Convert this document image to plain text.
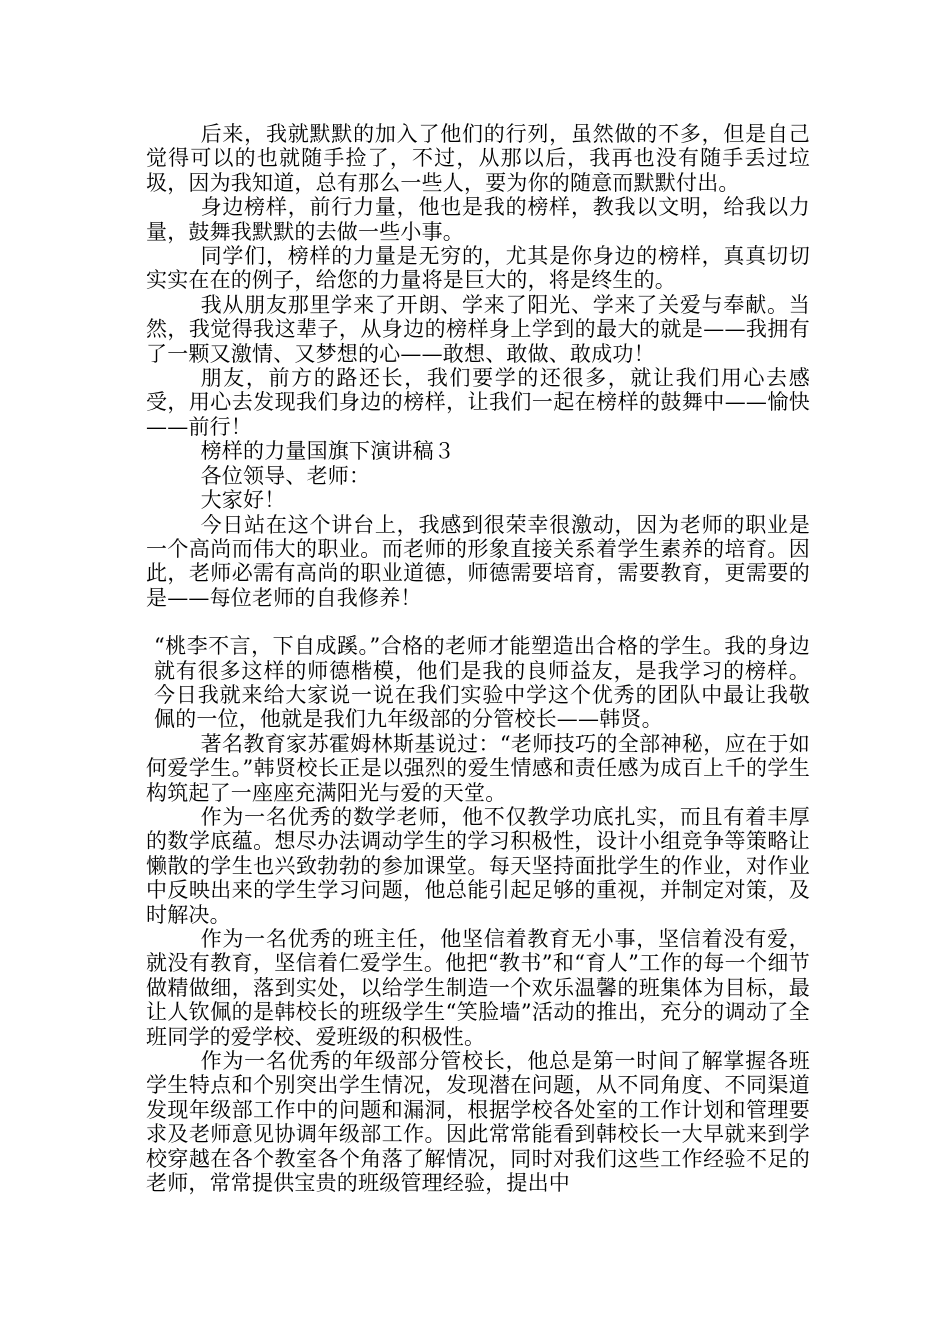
后来，我就默默的加入了他们的行列，虽然做的不多，但是自己觉得可以的也就随手捡了，不过，从那以后，我再也没有随手丢过垃圾，因为我知道，总有那么一些人，要为你的随意而默默付出。

身边榜样，前行力量，他也是我的榜样，教我以文明，给我以力量，鼓舞我默默的去做一些小事。

同学们，榜样的力量是无穷的，尤其是你身边的榜样，真真切切实实在在的例子，给您的力量将是巨大的，将是终生的。

我从朋友那里学来了开朗、学来了阳光、学来了关爱与奉献。当然，我觉得我这辈子，从身边的榜样身上学到的最大的就是——我拥有了一颗又激情、又梦想的心——敢想、敢做、敢成功！

朋友，前方的路还长，我们要学的还很多，就让我们用心去感受，用心去发现我们身边的榜样，让我们一起在榜样的鼓舞中——愉快——前行！

榜样的力量国旗下演讲稿３

各位领导、老师：

大家好！

今日站在这个讲台上，我感到很荣幸很激动，因为老师的职业是一个高尚而伟大的职业。而老师的形象直接关系着学生素养的培育。因此，老师必需有高尚的职业道德，师德需要培育，需要教育，更需要的是——每位老师的自我修养！

“桃李不言，下自成蹊。”合格的老师才能塑造出合格的学生。我的身边就有很多这样的师德楷模，他们是我的良师益友，是我学习的榜样。今日我就来给大家说一说在我们实验中学这个优秀的团队中最让我敬佩的一位，他就是我们九年级部的分管校长——韩贤。

著名教育家苏霍姆林斯基说过：“老师技巧的全部神秘，应在于如何爱学生。”韩贤校长正是以强烈的爱生情感和责任感为成百上千的学生构筑起了一座座充满阳光与爱的天堂。

作为一名优秀的数学老师，他不仅教学功底扎实，而且有着丰厚的数学底蕴。想尽办法调动学生的学习积极性，设计小组竞争等策略让懒散的学生也兴致勃勃的参加课堂。每天坚持面批学生的作业，对作业中反映出来的学生学习问题，他总能引起足够的重视，并制定对策，及时解决。

作为一名优秀的班主任，他坚信着教育无小事，坚信着没有爱，就没有教育，坚信着仁爱学生。他把“教书”和“育人”工作的每一个细节做精做细，落到实处，以给学生制造一个欢乐温馨的班集体为目标，最让人钦佩的是韩校长的班级学生“笑脸墙”活动的推出，充分的调动了全班同学的爱学校、爱班级的积极性。

作为一名优秀的年级部分管校长，他总是第一时间了解掌握各班学生特点和个别突出学生情况，发现潜在问题，从不同角度、不同渠道发现年级部工作中的问题和漏洞，根据学校各处室的工作计划和管理要求及老师意见协调年级部工作。因此常常能看到韩校长一大早就来到学校穿越在各个教室各个角落了解情况，同时对我们这些工作经验不足的老师，常常提供宝贵的班级管理经验，提出中
